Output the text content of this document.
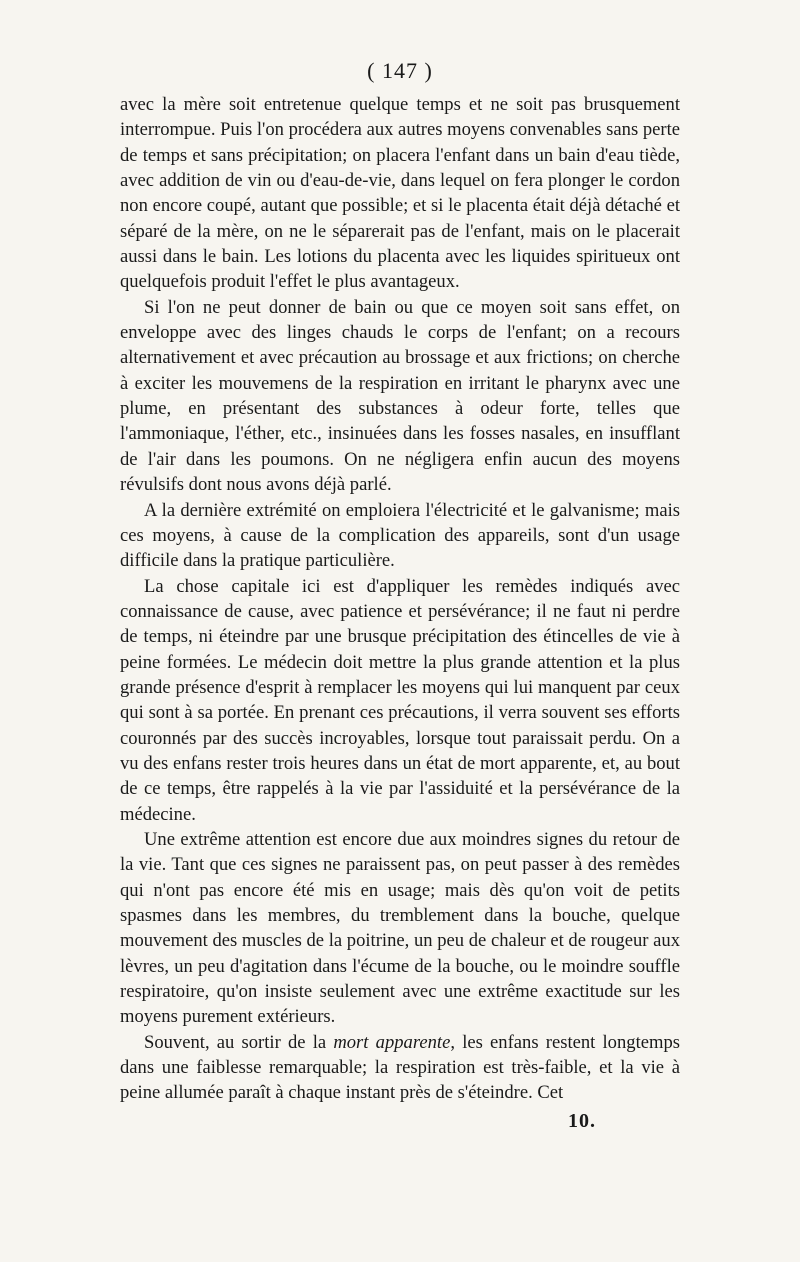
( 147 )

avec la mère soit entretenue quelque temps et ne soit pas brusquement interrompue. Puis l'on procédera aux autres moyens convenables sans perte de temps et sans précipitation; on placera l'enfant dans un bain d'eau tiède, avec addition de vin ou d'eau-de-vie, dans lequel on fera plonger le cordon non encore coupé, autant que possible; et si le placenta était déjà détaché et séparé de la mère, on ne le séparerait pas de l'enfant, mais on le placerait aussi dans le bain. Les lotions du placenta avec les liquides spiritueux ont quelquefois produit l'effet le plus avantageux.

Si l'on ne peut donner de bain ou que ce moyen soit sans effet, on enveloppe avec des linges chauds le corps de l'enfant; on a recours alternativement et avec précaution au brossage et aux frictions; on cherche à exciter les mouvemens de la respiration en irritant le pharynx avec une plume, en présentant des substances à odeur forte, telles que l'ammoniaque, l'éther, etc., insinuées dans les fosses nasales, en insufflant de l'air dans les poumons. On ne négligera enfin aucun des moyens révulsifs dont nous avons déjà parlé.

A la dernière extrémité on emploiera l'électricité et le galvanisme; mais ces moyens, à cause de la complication des appareils, sont d'un usage difficile dans la pratique particulière.

La chose capitale ici est d'appliquer les remèdes indiqués avec connaissance de cause, avec patience et persévérance; il ne faut ni perdre de temps, ni éteindre par une brusque précipitation des étincelles de vie à peine formées. Le médecin doit mettre la plus grande attention et la plus grande présence d'esprit à remplacer les moyens qui lui manquent par ceux qui sont à sa portée. En prenant ces précautions, il verra souvent ses efforts couronnés par des succès incroyables, lorsque tout paraissait perdu. On a vu des enfans rester trois heures dans un état de mort apparente, et, au bout de ce temps, être rappelés à la vie par l'assiduité et la persévérance de la médecine.

Une extrême attention est encore due aux moindres signes du retour de la vie. Tant que ces signes ne paraissent pas, on peut passer à des remèdes qui n'ont pas encore été mis en usage; mais dès qu'on voit de petits spasmes dans les membres, du tremblement dans la bouche, quelque mouvement des muscles de la poitrine, un peu de chaleur et de rougeur aux lèvres, un peu d'agitation dans l'écume de la bouche, ou le moindre souffle respiratoire, qu'on insiste seulement avec une extrême exactitude sur les moyens purement extérieurs.

Souvent, au sortir de la mort apparente, les enfans restent longtemps dans une faiblesse remarquable; la respiration est très-faible, et la vie à peine allumée paraît à chaque instant près de s'éteindre. Cet

10.
